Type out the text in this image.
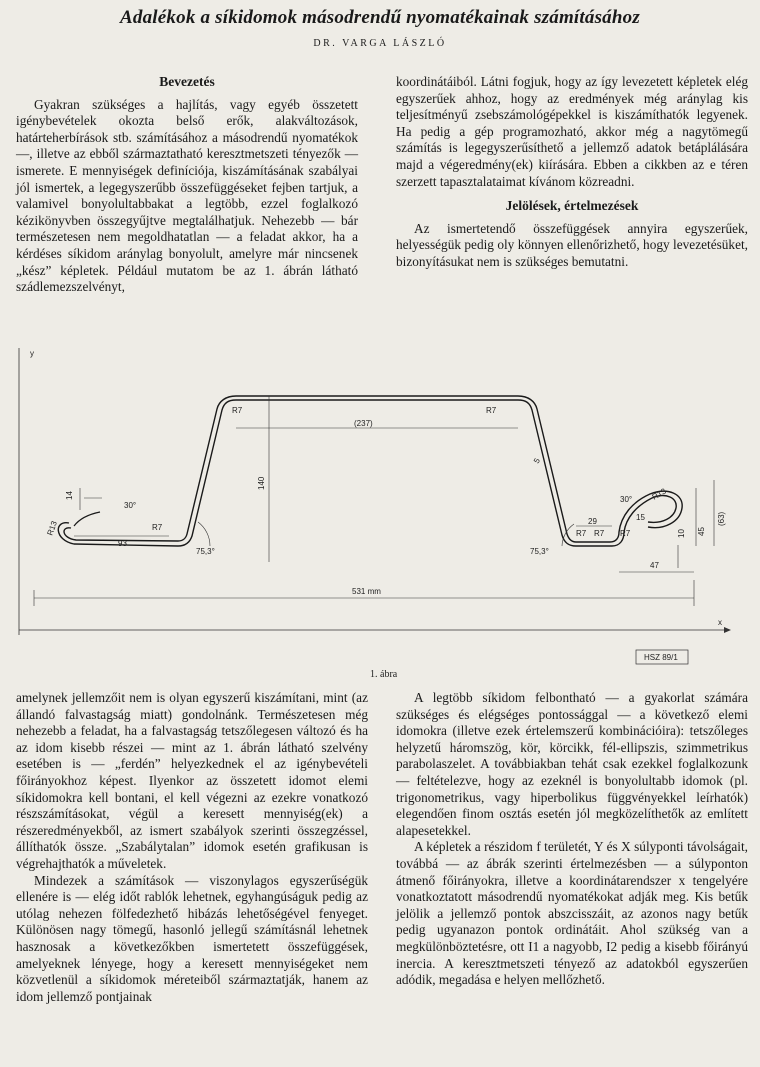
Adalékok a síkidomok másodrendű nyomatékainak számításához
DR. VARGA LÁSZLÓ
Bevezetés

Gyakran szükséges a hajlítás, vagy egyéb összetett igénybevételek okozta belső erők, alakváltozások, határteherbírások stb. számításához a másodrendű nyomatékok —, illetve az ebből származtatható keresztmetszeti tényezők — ismerete. E mennyiségek definíciója, kiszámításának szabályai jól ismertek, a legegyszerűbb összefüggéseket fejben tartjuk, a valamivel bonyolultabbakat a legtöbb, ezzel foglalkozó kézikönyvben összegyűjtve megtalálhatjuk. Nehezebb — bár természetesen nem megoldhatatlan — a feladat akkor, ha a kérdéses síkidom aránylag bonyolult, amelyre már nincsenek „kész” képletek. Például mutatom be az 1. ábrán látható szádlemezszelvényt,

koordinátáiból. Látni fogjuk, hogy az így levezetett képletek elég egyszerűek ahhoz, hogy az eredmények még aránylag kis teljesítményű zsebszámológépekkel is kiszámíthatók legyenek. Ha pedig a gép programozható, akkor még a nagytömegű számítás is legegyszerűsíthető a jellemző adatok betáplálására majd a végeredmény(ek) kiírására. Ebben a cikkben az e téren szerzett tapasztalataimat kívánom közreadni.

Jelölések, értelmezések

Az ismertetendő összefüggések annyira egyszerűek, helyességük pedig oly könnyen ellenőrizhető, hogy levezetésüket, bizonyításukat nem is szükséges bemutatni.

y
x
R7	R7
R7
R7 R7 R7
R13
R13
(237)
140
14
30°
30°
93
75,3°	75,3°
5
29	15
10 45
(63)
47
531 mm
1. ábra
HSZ 89/1

amelynek jellemzőit nem is olyan egyszerű kiszámítani, mint (az állandó falvastagság miatt) gondolnánk. Természetesen még nehezebb a feladat, ha a falvastagság tetszőlegesen változó és ha az idom kisebb részei — mint az 1. ábrán látható szelvény esetében is — „ferdén” helyezkednek el az igénybevételi főirányokhoz képest. Ilyenkor az összetett idomot elemi síkidomokra kell bontani, el kell végezni az ezekre vonatkozó részszámításokat, végül a keresett mennyiség(ek) a részeredményekből, az ismert szabályok szerinti összegzéssel, állíthatók össze. „Szabálytalan” idomok esetén grafikusan is végrehajthatók a műveletek.

Mindezek a számítások — viszonylagos egyszerűségük ellenére is — elég időt rablók lehetnek, egyhangúságuk pedig az utólag nehezen fölfedezhető hibázás lehetőségével fenyeget. Különösen nagy tömegű, hasonló jellegű számításnál lehetnek hasznosak a következőkben ismertetett összefüggések, amelyeknek lényege, hogy a keresett mennyiségeket nem közvetlenül a síkidomok méreteiből származtatják, hanem az idom jellemző pontjainak

A legtöbb síkidom felbontható — a gyakorlat számára szükséges és elégséges pontossággal — a következő elemi idomokra (illetve ezek értelemszerű kombinációira): tetszőleges helyzetű háromszög, kör, körcikk, fél-ellipszis, szimmetrikus parabolaszelet. A továbbiakban tehát csak ezekkel foglalkozunk — feltételezve, hogy az ezeknél is bonyolultabb idomok (pl. trigonometrikus, vagy hiperbolikus függvényekkel leírhatók) elegendően finom osztás esetén jól megközelíthetők az említett alapesetekkel.

A képletek a részidom f területét, Y és X súlyponti távolságait, továbbá — az ábrák szerinti értelmezésben — a súlyponton átmenő főirányokra, illetve a koordinátarendszer x tengelyére vonatkoztatott másodrendű nyomatékokat adják meg. Kis betűk jelölik a jellemző pontok abszcisszáit, az azonos nagy betűk pedig ugyanazon pontok ordinátáit. Ahol szükség van a megkülönböztetésre, ott I1 a nagyobb, I2 pedig a kisebb főirányú inercia. A keresztmetszeti tényező az adatokból egyszerűen adódik, megadása e helyen mellőzhető.
